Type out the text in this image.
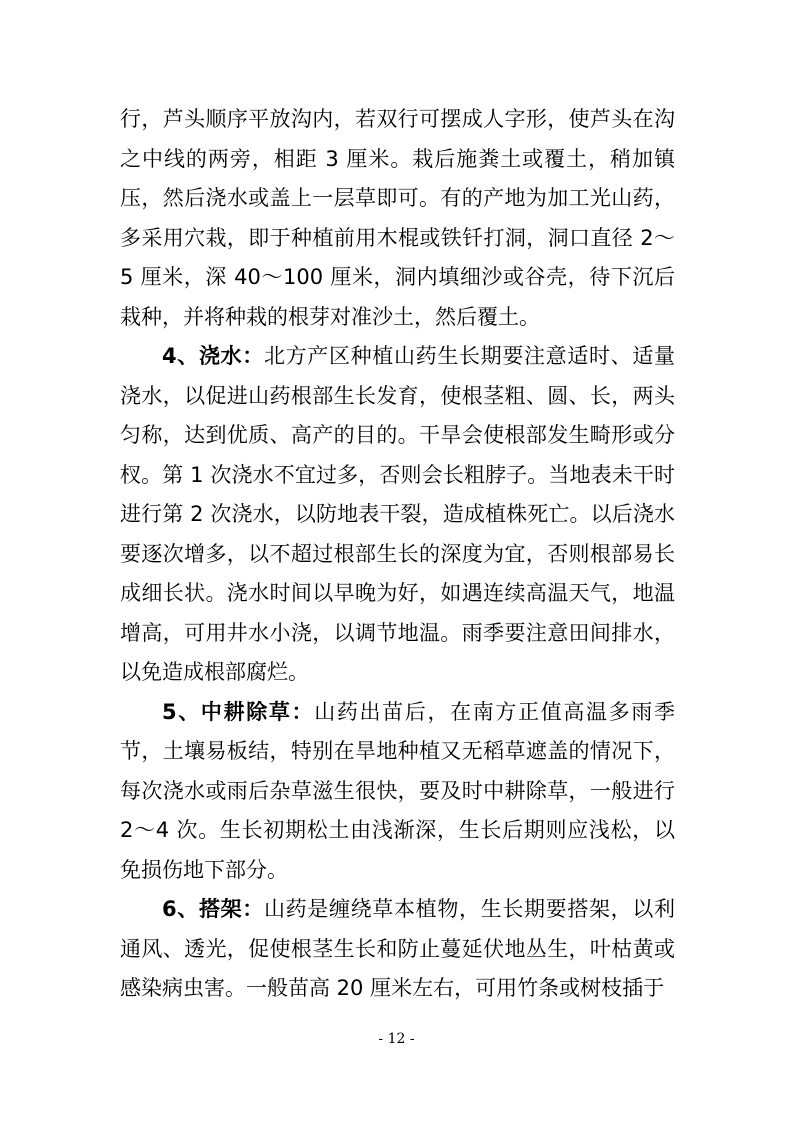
行，芦头顺序平放沟内，若双行可摆成人字形，使芦头在沟之中线的两旁，相距 3 厘米。栽后施粪土或覆土，稍加镇压，然后浇水或盖上一层草即可。有的产地为加工光山药，多采用穴栽，即于种植前用木棍或铁钎打洞，洞口直径 2～5 厘米，深 40～100 厘米，洞内填细沙或谷壳，待下沉后栽种，并将种栽的根芽对准沙土，然后覆土。

4、浇水：北方产区种植山药生长期要注意适时、适量浇水，以促进山药根部生长发育，使根茎粗、圆、长，两头匀称，达到优质、高产的目的。干旱会使根部发生畸形或分杈。第 1 次浇水不宜过多，否则会长粗脖子。当地表未干时进行第 2 次浇水，以防地表干裂，造成植株死亡。以后浇水要逐次增多，以不超过根部生长的深度为宜，否则根部易长成细长状。浇水时间以早晚为好，如遇连续高温天气，地温增高，可用井水小浇，以调节地温。雨季要注意田间排水，以免造成根部腐烂。

5、中耕除草：山药出苗后，在南方正值高温多雨季节，土壤易板结，特别在旱地种植又无稻草遮盖的情况下，每次浇水或雨后杂草滋生很快，要及时中耕除草，一般进行 2～4 次。生长初期松土由浅渐深，生长后期则应浅松，以免损伤地下部分。

6、搭架：山药是缠绕草本植物，生长期要搭架，以利通风、透光，促使根茎生长和防止蔓延伏地丛生，叶枯黄或感染病虫害。一般苗高 20 厘米左右，可用竹条或树枝插于

- 12 -
